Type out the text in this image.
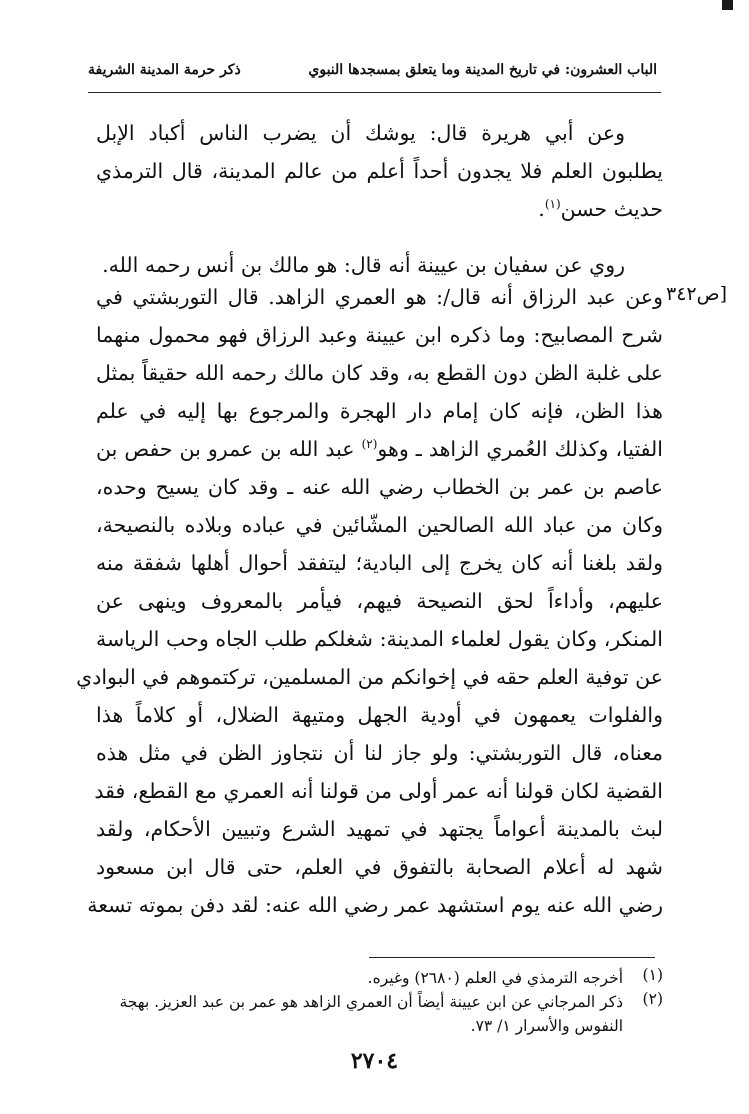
الباب العشرون: في تاريخ المدينة وما يتعلق بمسجدها النبوي
ذكر حرمة المدينة الشريفة
[ص٣٤٢
وعن أبي هريرة قال: يوشك أن يضرب الناس أكباد الإبل
يطلبون العلم فلا يجدون أحداً أعلم من عالم المدينة، قال الترمذي
حديث حسن$^{(١)}$.
روي عن سفيان بن عيينة أنه قال: هو مالك بن أنس رحمه الله.
وعن عبد الرزاق أنه قال/: هو العمري الزاهد. قال التوربشتي في
شرح المصابيح: وما ذكره ابن عيينة وعبد الرزاق فهو محمول منهما
على غلبة الظن دون القطع به، وقد كان مالك رحمه الله حقيقاً بمثل
هذا الظن، فإنه كان إمام دار الهجرة والمرجوع بها إليه في علم
الفتيا، وكذلك العُمري الزاهد ـ وهو$^{(٢)}$ عبد الله بن عمرو بن حفص بن
عاصم بن عمر بن الخطاب رضي الله عنه ـ وقد كان يسيح وحده،
وكان من عباد الله الصالحين المشّائين في عباده وبلاده بالنصيحة،
ولقد بلغنا أنه كان يخرج إلى البادية؛ ليتفقد أحوال أهلها شفقة منه
عليهم، وأداءاً لحق النصيحة فيهم، فيأمر بالمعروف وينهى عن
المنكر، وكان يقول لعلماء المدينة: شغلكم طلب الجاه وحب الرياسة
عن توفية العلم حقه في إخوانكم من المسلمين، تركتموهم في البوادي
والفلوات يعمهون في أودية الجهل ومتيهة الضلال، أو كلاماً هذا
معناه، قال التوربشتي: ولو جاز لنا أن نتجاوز الظن في مثل هذه
القضية لكان قولنا أنه عمر أولى من قولنا أنه العمري مع القطع، فقد
لبث بالمدينة أعواماً يجتهد في تمهيد الشرع وتبيين الأحكام، ولقد
شهد له أعلام الصحابة بالتفوق في العلم، حتى قال ابن مسعود
رضي الله عنه يوم استشهد عمر رضي الله عنه: لقد دفن بموته تسعة
(١)
أخرجه الترمذي في العلم (٢٦٨٠) وغيره.
(٢)
ذكر المرجاني عن ابن عيينة أيضاً أن العمري الزاهد هو عمر بن عبد العزيز. بهجة
النفوس والأسرار ١/ ٧٣.
٢٧٠٤
